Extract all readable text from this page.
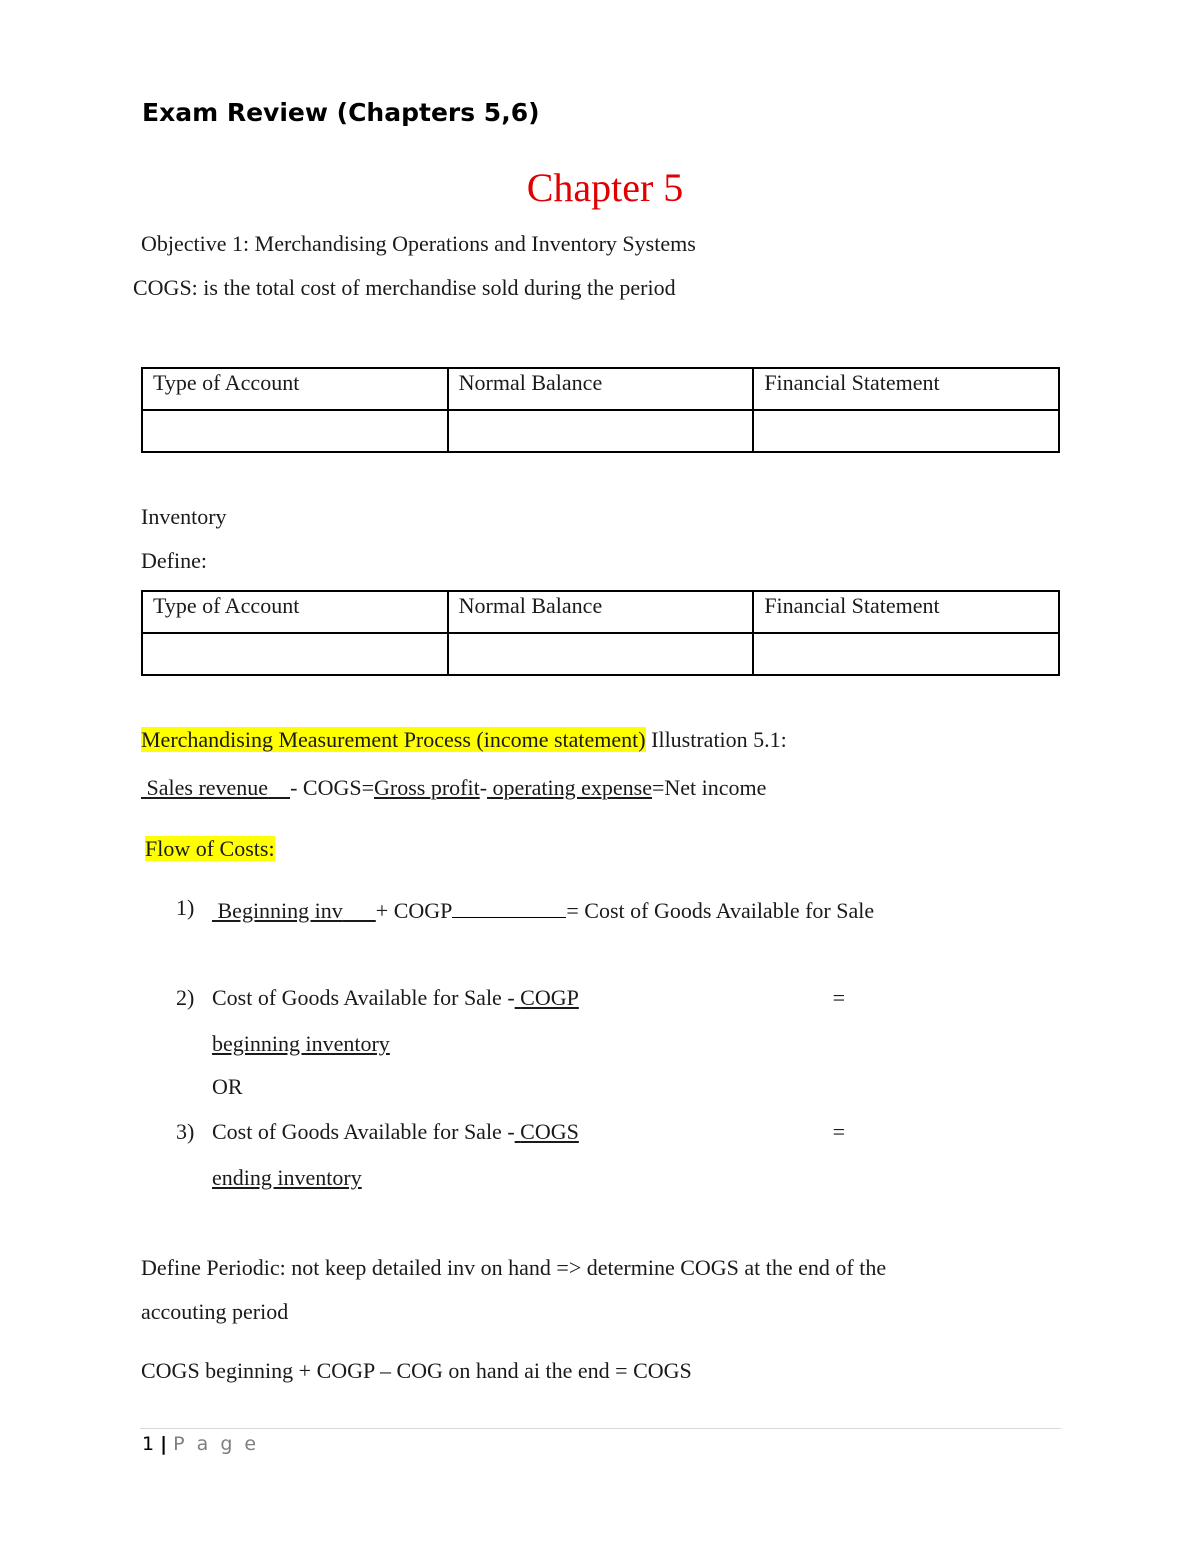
Exam Review (Chapters 5,6)
Chapter 5
Objective 1: Merchandising Operations and Inventory Systems
COGS: is the total cost of merchandise sold during the period
Type of Account	Normal Balance	Financial Statement

Inventory
Define:
Type of Account	Normal Balance	Financial Statement

Merchandising Measurement Process (income statement) Illustration 5.1:
Sales revenue - COGS=Gross profit- operating expense=Net income
Flow of Costs:
1) Beginning inv + COGP	= Cost of Goods Available for Sale
2) Cost of Goods Available for Sale - COGP	=
beginning inventory
OR
3) Cost of Goods Available for Sale - COGS	=
ending inventory
Define Periodic: not keep detailed inv on hand => determine COGS at the end of the
accouting period
COGS beginning + COGP – COG on hand ai the end = COGS
1 | P a g e
